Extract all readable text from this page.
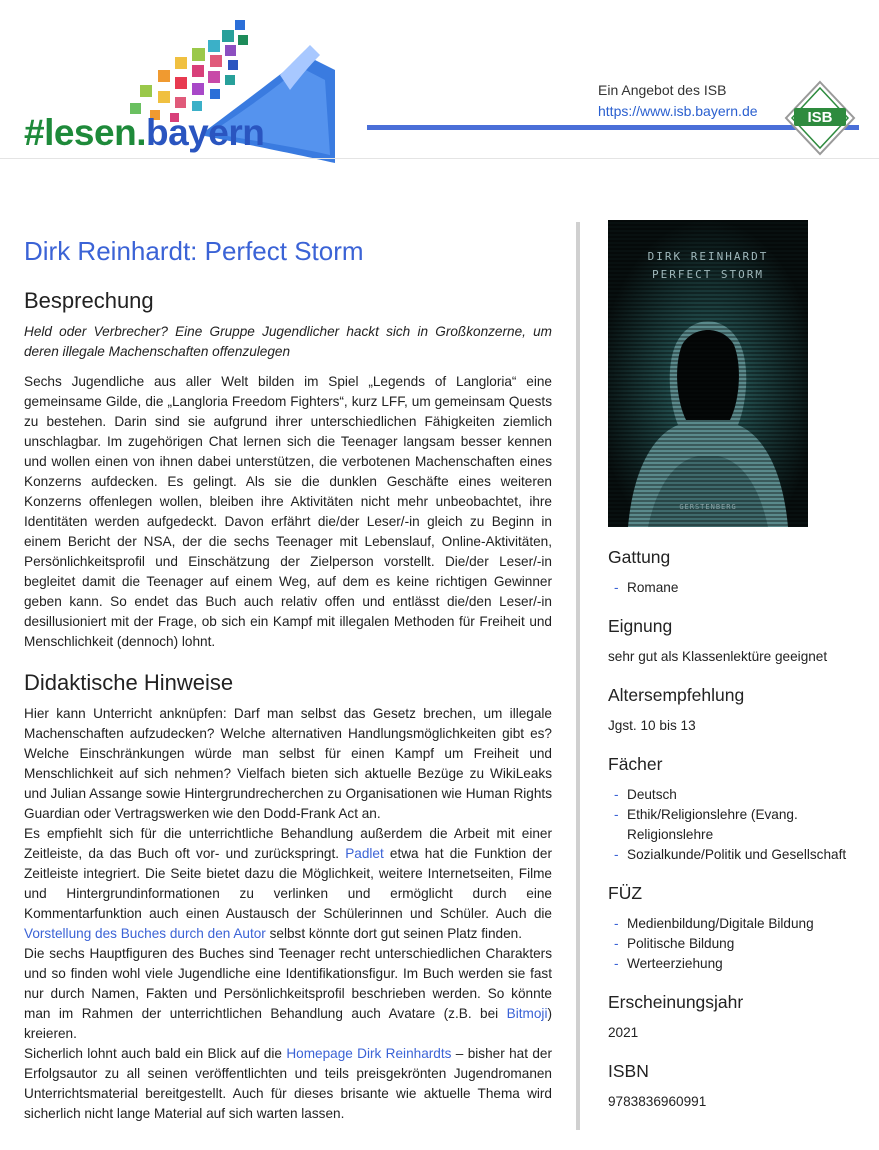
#lesen.bayern
Ein Angebot des ISB
https://www.isb.bayern.de	ISB
Dirk Reinhardt: Perfect Storm
Besprechung

Held oder Verbrecher? Eine Gruppe Jugendlicher hackt sich in Großkonzerne, um deren illegale Machenschaften offenzulegen

Sechs Jugendliche aus aller Welt bilden im Spiel „Legends of Langloria“ eine gemeinsame Gilde, die „Langloria Freedom Fighters“, kurz LFF, um gemeinsam Quests zu bestehen. Darin sind sie aufgrund ihrer unterschiedlichen Fähigkeiten ziemlich unschlagbar. Im zugehörigen Chat lernen sich die Teenager langsam besser kennen und wollen einen von ihnen dabei unterstützen, die verbotenen Machenschaften eines Konzerns aufdecken. Es gelingt. Als sie die dunklen Geschäfte eines weiteren Konzerns offenlegen wollen, bleiben ihre Aktivitäten nicht mehr unbeobachtet, ihre Identitäten werden aufgedeckt. Davon erfährt die/der Leser/-in gleich zu Beginn in einem Bericht der NSA, der die sechs Teenager mit Lebenslauf, Online-Aktivitäten, Persönlichkeitsprofil und Einschätzung der Zielperson vorstellt. Die/der Leser/-in begleitet damit die Teenager auf einem Weg, auf dem es keine richtigen Gewinner geben kann. So endet das Buch auch relativ offen und entlässt die/den Leser/-in desillusioniert mit der Frage, ob sich ein Kampf mit illegalen Methoden für Freiheit und Menschlichkeit (dennoch) lohnt.

Didaktische Hinweise

Hier kann Unterricht anknüpfen: Darf man selbst das Gesetz brechen, um illegale Machenschaften aufzudecken? Welche alternativen Handlungsmöglichkeiten gibt es? Welche Einschränkungen würde man selbst für einen Kampf um Freiheit und Menschlichkeit auf sich nehmen? Vielfach bieten sich aktuelle Bezüge zu WikiLeaks und Julian Assange sowie Hintergrundrecherchen zu Organisationen wie Human Rights Guardian oder Vertragswerken wie den Dodd-Frank Act an.

Es empfiehlt sich für die unterrichtliche Behandlung außerdem die Arbeit mit einer Zeitleiste, da das Buch oft vor- und zurückspringt. Padlet etwa hat die Funktion der Zeitleiste integriert. Die Seite bietet dazu die Möglichkeit, weitere Internetseiten, Filme und Hintergrundinformationen zu verlinken und ermöglicht durch eine Kommentarfunktion auch einen Austausch der Schülerinnen und Schüler. Auch die Vorstellung des Buches durch den Autor selbst könnte dort gut seinen Platz finden.

Die sechs Hauptfiguren des Buches sind Teenager recht unterschiedlichen Charakters und so finden wohl viele Jugendliche eine Identifikationsfigur. Im Buch werden sie fast nur durch Namen, Fakten und Persönlichkeitsprofil beschrieben werden. So könnte man im Rahmen der unterrichtlichen Behandlung auch Avatare (z.B. bei Bitmoji) kreieren.

Sicherlich lohnt auch bald ein Blick auf die Homepage Dirk Reinhardts – bisher hat der Erfolgsautor zu all seinen veröffentlichten und teils preisgekrönten Jugendromanen Unterrichtsmaterial bereitgestellt. Auch für dieses brisante wie aktuelle Thema wird sicherlich nicht lange Material auf sich warten lassen.

DIRK REINHARDT
PERFECT STORM
GERSTENBERG
Gattung
- Romane
Eignung
sehr gut als Klassenlektüre geeignet
Altersempfehlung
Jgst. 10 bis 13
Fächer
- Deutsch
- Ethik/Religionslehre (Evang. Religionslehre
- Sozialkunde/Politik und Gesellschaft
FÜZ
- Medienbildung/Digitale Bildung
- Politische Bildung
- Werteerziehung
Erscheinungsjahr
2021
ISBN
9783836960991
